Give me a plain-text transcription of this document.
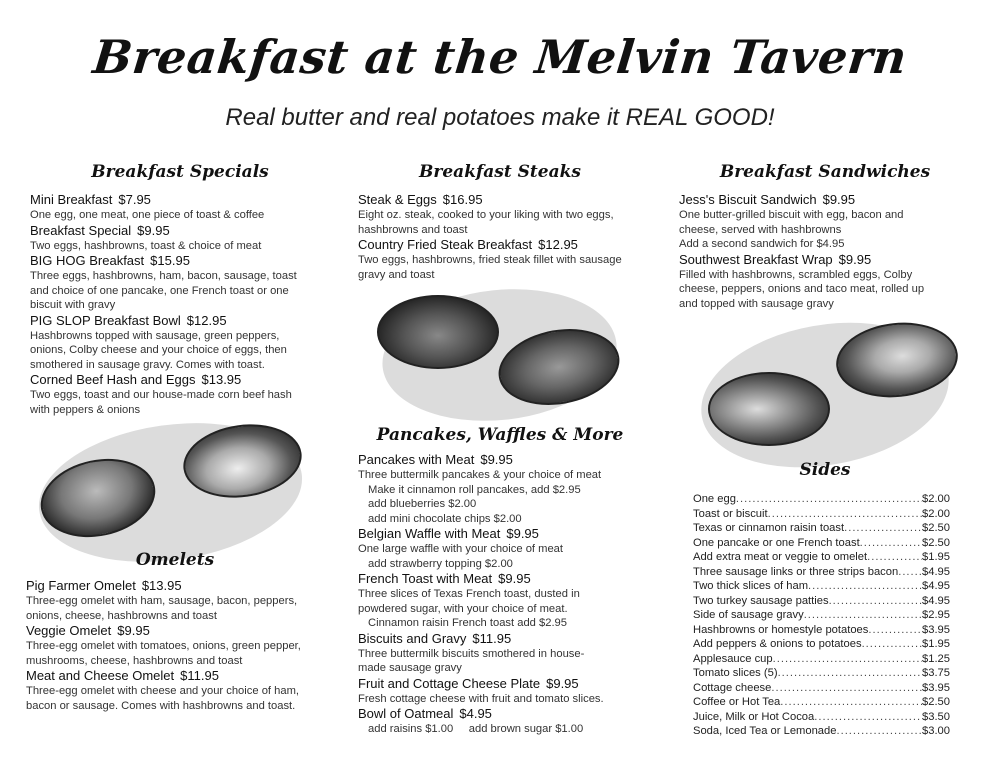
Breakfast at the Melvin Tavern
Real butter and real potatoes make it REAL GOOD!
Breakfast Specials	Breakfast Steaks	Breakfast Sandwiches
Omelets
Pancakes, Waffles & More
Sides
Mini Breakfast $7.95
One egg, one meat, one piece of toast & coffee
Breakfast Special $9.95
Two eggs, hashbrowns, toast & choice of meat
BIG HOG Breakfast $15.95
Three eggs, hashbrowns, ham, bacon, sausage, toast
and choice of one pancake, one French toast or one
biscuit with gravy
PIG SLOP Breakfast Bowl $12.95
Hashbrowns topped with sausage, green peppers,
onions, Colby cheese and your choice of eggs, then
smothered in sausage gravy. Comes with toast.
Corned Beef Hash and Eggs $13.95
Two eggs, toast and our house-made corn beef hash
with peppers & onions
Pig Farmer Omelet $13.95
Three-egg omelet with ham, sausage, bacon, peppers,
onions, cheese, hashbrowns and toast
Veggie Omelet $9.95
Three-egg omelet with tomatoes, onions, green pepper,
mushrooms, cheese, hashbrowns and toast
Meat and Cheese Omelet $11.95
Three-egg omelet with cheese and your choice of ham,
bacon or sausage. Comes with hashbrowns and toast.
Steak & Eggs $16.95
Eight oz. steak, cooked to your liking with two eggs,
hashbrowns and toast
Country Fried Steak Breakfast $12.95
Two eggs, hashbrowns, fried steak fillet with sausage
gravy and toast
Pancakes with Meat $9.95
Three buttermilk pancakes & your choice of meat
Make it cinnamon roll pancakes, add $2.95
add blueberries $2.00
add mini chocolate chips $2.00
Belgian Waffle with Meat $9.95
One large waffle with your choice of meat
add strawberry topping $2.00
French Toast with Meat $9.95
Three slices of Texas French toast, dusted in
powdered sugar, with your choice of meat.
Cinnamon raisin French toast add $2.95
Biscuits and Gravy $11.95
Three buttermilk biscuits smothered in house-
made sausage gravy
Fruit and Cottage Cheese Plate $9.95
Fresh cottage cheese with fruit and tomato slices.
Bowl of Oatmeal $4.95
add raisins $1.00     add brown sugar $1.00
Jess's Biscuit Sandwich $9.95
One butter-grilled biscuit with egg, bacon and
cheese, served with hashbrowns
Add a second sandwich for $4.95
Southwest Breakfast Wrap $9.95
Filled with hashbrowns, scrambled eggs, Colby
cheese, peppers, onions and taco meat, rolled up
and topped with sausage gravy
One egg .....	$2.00
Toast or biscuit .....	$2.00
Texas or cinnamon raisin toast .....	$2.50
One pancake or one French toast .....	$2.50
Add extra meat or veggie to omelet .....	$1.95
Three sausage links or three strips bacon ..... $4.95
Two thick slices of ham .....	$4.95
Two turkey sausage patties .....	$4.95
Side of sausage gravy .....	$2.95
Hashbrowns or homestyle potatoes .....	$3.95
Add peppers & onions to potatoes .....	$1.95
Applesauce cup .....	$1.25
Tomato slices (5) .....	$3.75
Cottage cheese .....	$3.95
Coffee or Hot Tea .....	$2.50
Juice, Milk or Hot Cocoa .....	$3.50
Soda, Iced Tea or Lemonade .....	$3.00
